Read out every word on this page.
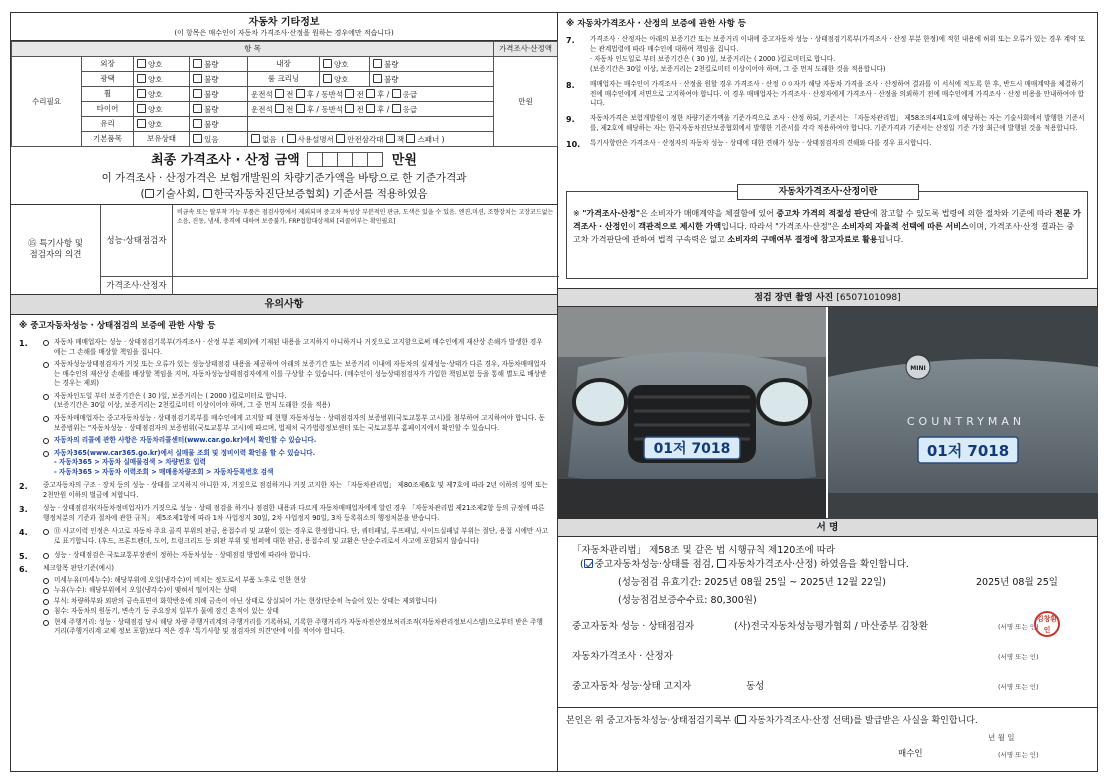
자동차 기타정보
(이 항목은 매수인이 자동차 가격조사·산정을 원하는 경우에만 적습니다)
항 목							가격조사·산정액	
수리필요	외장	양호	불량	내장	양호	불량	만원	
	광택	양호	불량	룸 크리닝	양호	불량		
	휠	양호	불량	운전석 전 후 / 동반석 전 후 / 응급				
	타이어	양호	불량	운전석 전 후 / 동반석 전 후 / 응급				
	유리	양호	불량					
	기본품목	보유상태	있음	없음  ( 사용설명서 안전삼각대 잭 스패너 )				
최종 가격조사 · 산정 금액	만원
이 가격조사 · 산정가격은 보험개발원의 차량기준가액을 바탕으로 한 기준가격과
( 기술사회, 한국자동차진단보증협회) 기준서를 적용하였음
⑮ 특기사항 및
점검자의 의견
성능·상태점검자
비금속 또는 탈부착 가능 부품은 점검사항에서 제외되며 중고차 특성상 부분적인 판금, 도색은 있을 수 있음. 엔진,미션, 조향장치는 고장코드없는 소음, 진동, 냄새, 충격에 대하여 보증불가, FRP접합대상제외 [리콜여부는 확인필요]
가격조사·산정자
유의사항
※ 중고자동차성능 · 상태점검의 보증에 관한 사항 등
1.	자동차 매매업자는 성능 · 상태점검기록부(가격조사 · 산정 부분 제외)에 기재된 내용을 고지하지 아니하거나 거짓으로 고지함으로써 매수인에게 재산상 손해가 발생한 경우에는 그 손해를 배상할 책임을 집니다.
자동차성능상태점검자가 거짓 또는 오류가 있는 성능상태점검 내용을 제공하여 아래의 보증기간 또는 보증거리 이내에 자동차의 실제성능·상태가 다른 경우, 자동차매매업자는 매수인의 재산상 손해를 배상할 책임을 지며, 자동차성능상태점검자에게 이를 구상할 수 있습니다. (매수인이 성능상태점검자가 가입한 책임보험 등을 통해 별도로 배상받는 경우는 제외)
자동차인도일 부터 보증기간은 ( 30 )일, 보증거리는 ( 2000 )킬로미터로 합니다.
(보증기간은 30일 이상, 보증거리는 2천킬로미터 이상이어야 하며, 그 중 먼저 도래한 것을 적용)
자동차매매업자는 중고자동차성능 · 상태점검기록부를 매수인에게 고지할 때 현행 자동차성능 · 상태점검자의 보증범위(국토교통부 고시)를 첨부하여 고지하여야 합니다. 동 보증범위는 "자동차성능 · 상태점검자의 보증범위(국토교통부 고시)에 따르며, 법제처 국가법령정보센터 또는 국토교통부 홈페이지에서 확인할 수 있습니다.
자동차의 리콜에 관한 사항은 자동차리콜센터(www.car.go.kr)에서 확인할 수 있습니다.
자동차365(www.car365.go.kr)에서 실매물 조회 및 정비이력 확인을 할 수 있습니다.
- 자동차365 > 자동차 실매물검색 > 차량번호 입력
- 자동차365 > 자동차 이력조회 > 매매용차량조회 > 자동차등록번호 검색
2. 중고자동차의 구조 · 장치 등의 성능 · 상태를 고지하지 아니한 자, 거짓으로 점검하거나 거짓 고지한 자는 「자동차관리법」 제80조제6호 및 제7호에 따라 2년 이하의 징역 또는 2천만원 이하의 벌금에 처합니다.
3. 성능 · 상태점검자(자동차정비업자)가 거짓으로 성능 · 상태 점검을 하거나 점검한 내용과 다르게 자동차매매업자에게 알린 경우 「자동차관리법 제21조제2항 등의 규정에 따른 행정처분의 기준과 절차에 관한 규칙」 제5조제1항에 따라 1차 사업정지 30일, 2차 사업정지 90일, 3차 등록취소의 행정처분을 받습니다.
4.	⑪ 사고이력 인정은 사고로 자동차 주요 골격 부위의 판금, 용접수리 및 교환이 있는 경우로 한정합니다. 단, 쿼터패널, 루프패널, 사이드실패널 부위는 절단, 용접 시에만 사고로 표기합니다. (후드, 프론트펜더, 도어, 트렁크리드 등 외판 부위 및 범퍼에 대한 판금, 용접수리 및 교환은 단순수리로서 사고에 포함되지 않습니다)
5.	성능 · 상태점검은 국토교통부장관이 정하는 자동차성능 · 상태점검 방법에 따라야 합니다.
6. 체크항목 판단기준(예시)
미세누유(미세누수): 해당부위에 오일(냉각수)이 비치는 정도로서 부품 노후로 인한 현상
누유(누수): 해당부위에서 오일(냉각수)이 맺혀서 떨어지는 상태
부식: 차량하부와 외판의 금속표면이 화학반응에 의해 금속이 아닌 상태로 상실되어 가는 현상(단순히 녹슬어 있는 상태는 제외합니다)
침수: 자동차의 원동기, 변속기 등 주요장치 일부가 물에 잠긴 흔적이 있는 상태
현재 주행거리: 성능 · 상태점검 당시 해당 차량 주행거리계의 주행거리를 기록하되, 기록한 주행거리가 자동차전산정보처리조직(자동차관리정보시스템)으로부터 받은 주행거리(주행거리계 교체 정보 포함)보다 적은 경우 '특기사항 및 점검자의 의견'란에 이를 적어야 합니다.
※ 자동차가격조사 · 산정의 보증에 관한 사항 등
7. 가격조사 · 산정자는 아래의 보증기간 또는 보증거리 이내에 중고자동차 성능 · 상태점검기록부(가격조사 · 산정 부분 한정)에 적힌 내용에 허위 또는 오류가 있는 경우 계약 또는 관계법령에 따라 매수인에 대하여 책임을 집니다.
· 자동차 인도일로 부터 보증기간은 ( 30 )일, 보증거리는 ( 2000 )킬로미터로 합니다.
(보증기간은 30일 이상, 보증거리는 2천킬로미터 이상이어야 하며, 그 중 먼저 도래한 것을 적용합니다)
8. 매매업자는 매수인이 가격조사 · 산정을 원할 경우 가격조사 · 산정 ㅇㅇ자가 해당 자동차 가격을 조사 · 산정하여 결과를 이 서식에 적도록 한 후, 반드시 매매계약을 체결하기 전에 매수인에게 서면으로 고지하여야 합니다. 이 경우 매매업자는 가격조사 · 산정자에게 가격조사 · 산정을 의뢰하기 전에 매수인에게 가격조사 · 산정 비용을 안내하여야 합니다.
9. 자동차가격은 보험개발원이 정한 차량기준가액을 기준가격으로 조사 · 산정 하되, 기준서는 「자동차관리법」 제58조의4제1호에 해당하는 자는 기술사회에서 발행한 기준서를, 제2호에 해당하는 자는 한국자동차진단보증협회에서 발행한 기준서를 각각 적용하여야 합니다. 기준가격과 기준서는 산정일 기준 가장 최근에 발행된 것을 적용합니다.
10. 특기사항란은 가격조사 · 산정자의 자동차 성능 · 상태에 대한 견해가 성능 · 상태점검자의 견해와 다를 경우 표시합니다.
자동차가격조사·산정이란
※ "가격조사·산정"은 소비자가 매매계약을 체결함에 있어 중고차 가격의 적절성 판단에 참고할 수 있도록 법령에 의한 절차와 기준에 따라 전문 가격조사 · 산정인이 객관적으로 제시한 가액입니다. 따라서 "가격조사·산정"은 소비자의 자율적 선택에 따른 서비스이며, 가격조사·산정 결과는 중고차 가격판단에 관하여 법적 구속력은 없고 소비자의 구매여부 결정에 참고자료로 활용됩니다.
점검 장면 촬영 사진 [6507101098]
01저 7018
MINI
COUNTRYMAN
01저 7018
서 명
「자동차관리법」 제58조 및 같은 법 시행규칙 제120조에 따라
( 중고자동차성능·상태를 점검, 자동차가격조사·산정) 하였음을 확인합니다.
(성능점검 유효기간: 2025년 08월 25일 ~ 2025년 12월 22일)	2025년 08월 25일
(성능점검보증수수료: 80,300원)
중고자동차 성능 · 상태점검자	(사)전국자동차성능평가협회 / 마산중부 김창환	(서명 또는 인)
김창환인
자동차가격조사 · 산정자	(서명 또는 인)
중고자동차 성능·상태 고지자	동성	(서명 또는 인)
본인은 위 중고자동차성능·상태점검기록부 ( 자동차가격조사·산정 선택)를 발급받은 사실을 확인합니다.
년 월 일
매수인	(서명 또는 인)
